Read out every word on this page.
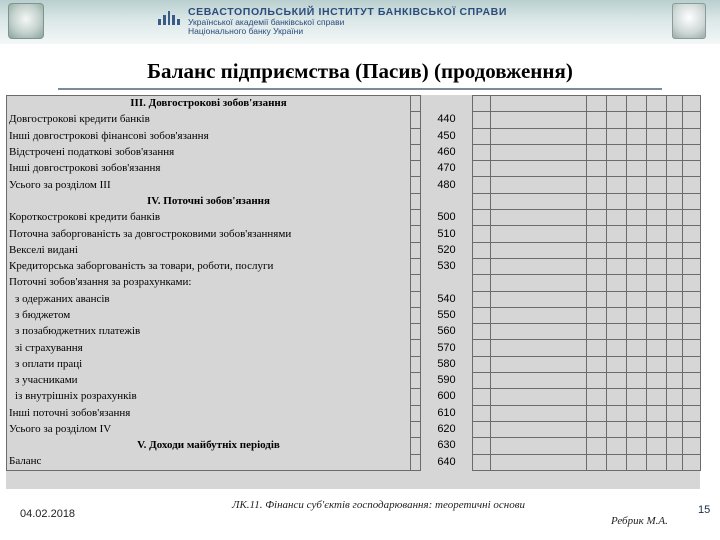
СЕВАСТОПОЛЬСЬКИЙ ІНСТИТУТ БАНКІВСЬКОЇ СПРАВИ
Української академії банківської справи
Національного банку України
Баланс підприємства (Пасив) (продовження)
ІІІ. Довгострокові зобов'язання										
Довгострокові кредити банків		440								
Інші довгострокові фінансові зобов'язання		450								
Відстрочені податкові зобов'язання		460								
Інші довгострокові зобов'язання		470								
Усього за розділом ІІІ		480								
IV. Поточні зобов'язання										
Короткострокові кредити банків		500								
Поточна заборгованість за довгостроковими зобов'язаннями		510								
Векселі видані		520								
Кредиторська заборгованість за товари, роботи, послуги		530								
Поточні зобов'язання за розрахунками:										
з одержаних авансів		540								
з бюджетом		550								
з позабюджетних платежів		560								
зі страхування		570								
з оплати праці		580								
з учасниками		590								
із внутрішніх розрахунків		600								
Інші поточні зобов'язання		610								
Усього за розділом IV		620								
V. Доходи майбутніх періодів		630								
Баланс		640								
04.02.2018
ЛК.11. Фінанси суб'єктів господарювання: теоретичні основи
Ребрик М.А.
15
